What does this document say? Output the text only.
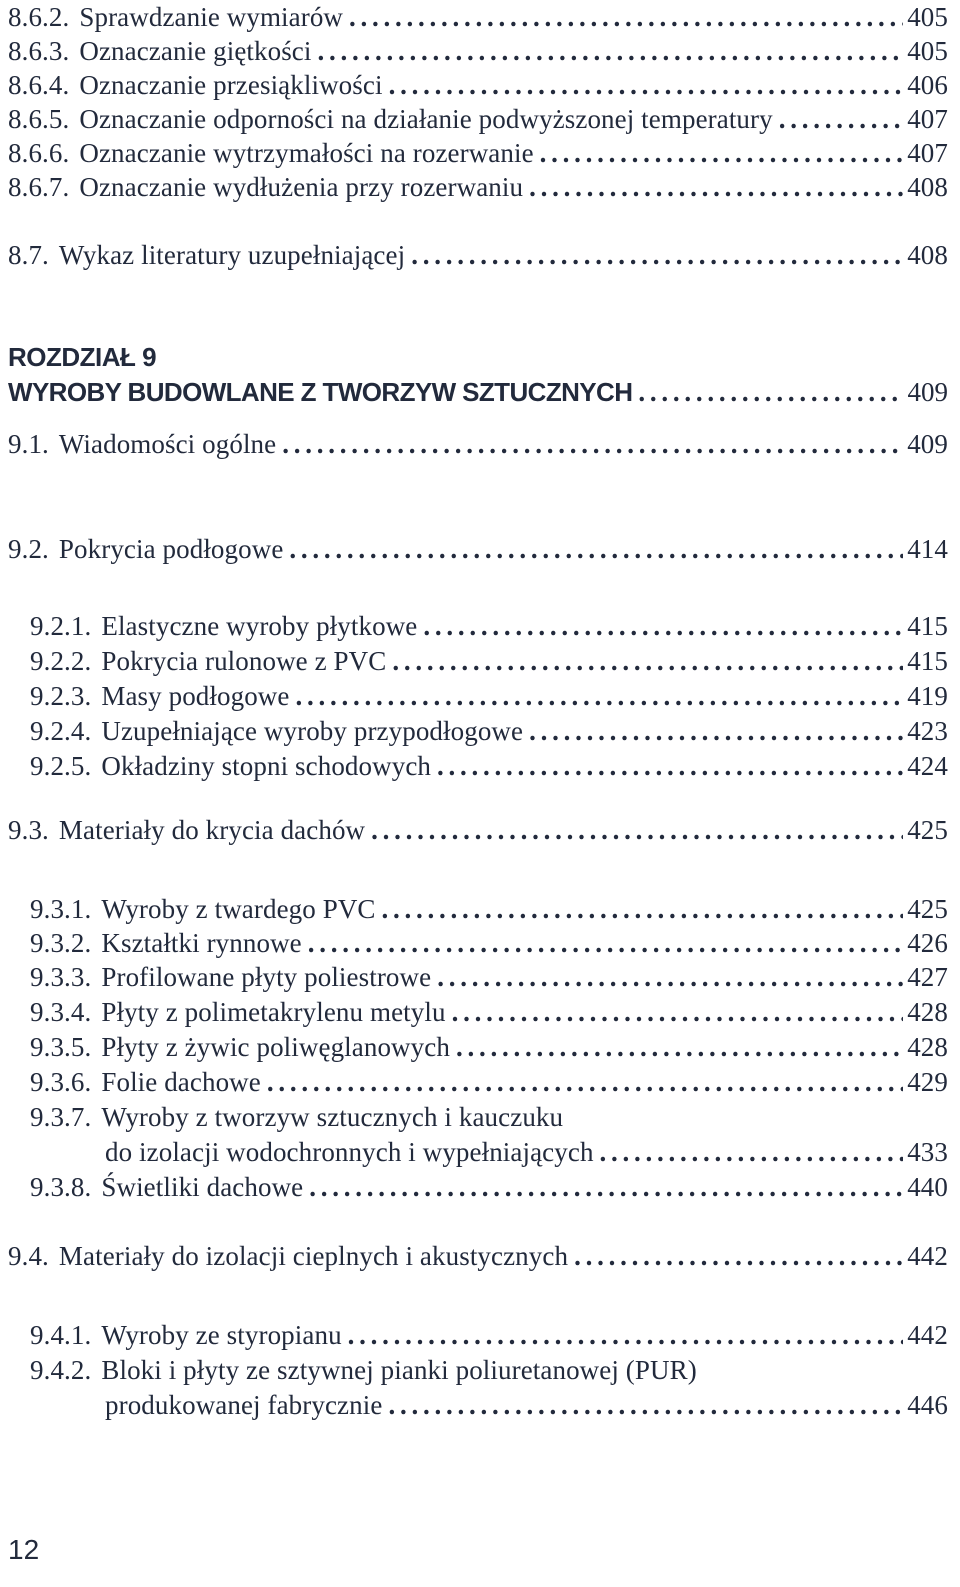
8.6.2. Sprawdzanie wymiarów . . .	405
8.6.3. Oznaczanie giętkości . . .	405
8.6.4. Oznaczanie przesiąkliwości . . .	406
8.6.5. Oznaczanie odporności na działanie podwyższonej temperatury . . .	407
8.6.6. Oznaczanie wytrzymałości na rozerwanie . . .	407
8.6.7. Oznaczanie wydłużenia przy rozerwaniu . . .	408
8.7. Wykaz literatury uzupełniającej . . .	408
ROZDZIAŁ 9
WYROBY BUDOWLANE Z TWORZYW SZTUCZNYCH . . .	409
9.1. Wiadomości ogólne . . .	409
9.2. Pokrycia podłogowe . . .	414
9.2.1. Elastyczne wyroby płytkowe . . .	415
9.2.2. Pokrycia rulonowe z PVC . . .	415
9.2.3. Masy podłogowe . . .	419
9.2.4. Uzupełniające wyroby przypodłogowe . . .	423
9.2.5. Okładziny stopni schodowych . . .	424
9.3. Materiały do krycia dachów . . .	425
9.3.1. Wyroby z twardego PVC . . .	425
9.3.2. Kształtki rynnowe . . .	426
9.3.3. Profilowane płyty poliestrowe . . .	427
9.3.4. Płyty z polimetakrylenu metylu . . .	428
9.3.5. Płyty z żywic poliwęglanowych . . .	428
9.3.6. Folie dachowe . . .	429
9.3.7. Wyroby z tworzyw sztucznych i kauczuku
do izolacji wodochronnych i wypełniających . . .	433
9.3.8. Świetliki dachowe . . .	440
9.4. Materiały do izolacji cieplnych i akustycznych . . .	442
9.4.1. Wyroby ze styropianu . . .	442
9.4.2. Bloki i płyty ze sztywnej pianki poliuretanowej (PUR)
produkowanej fabrycznie . . .	446
12
